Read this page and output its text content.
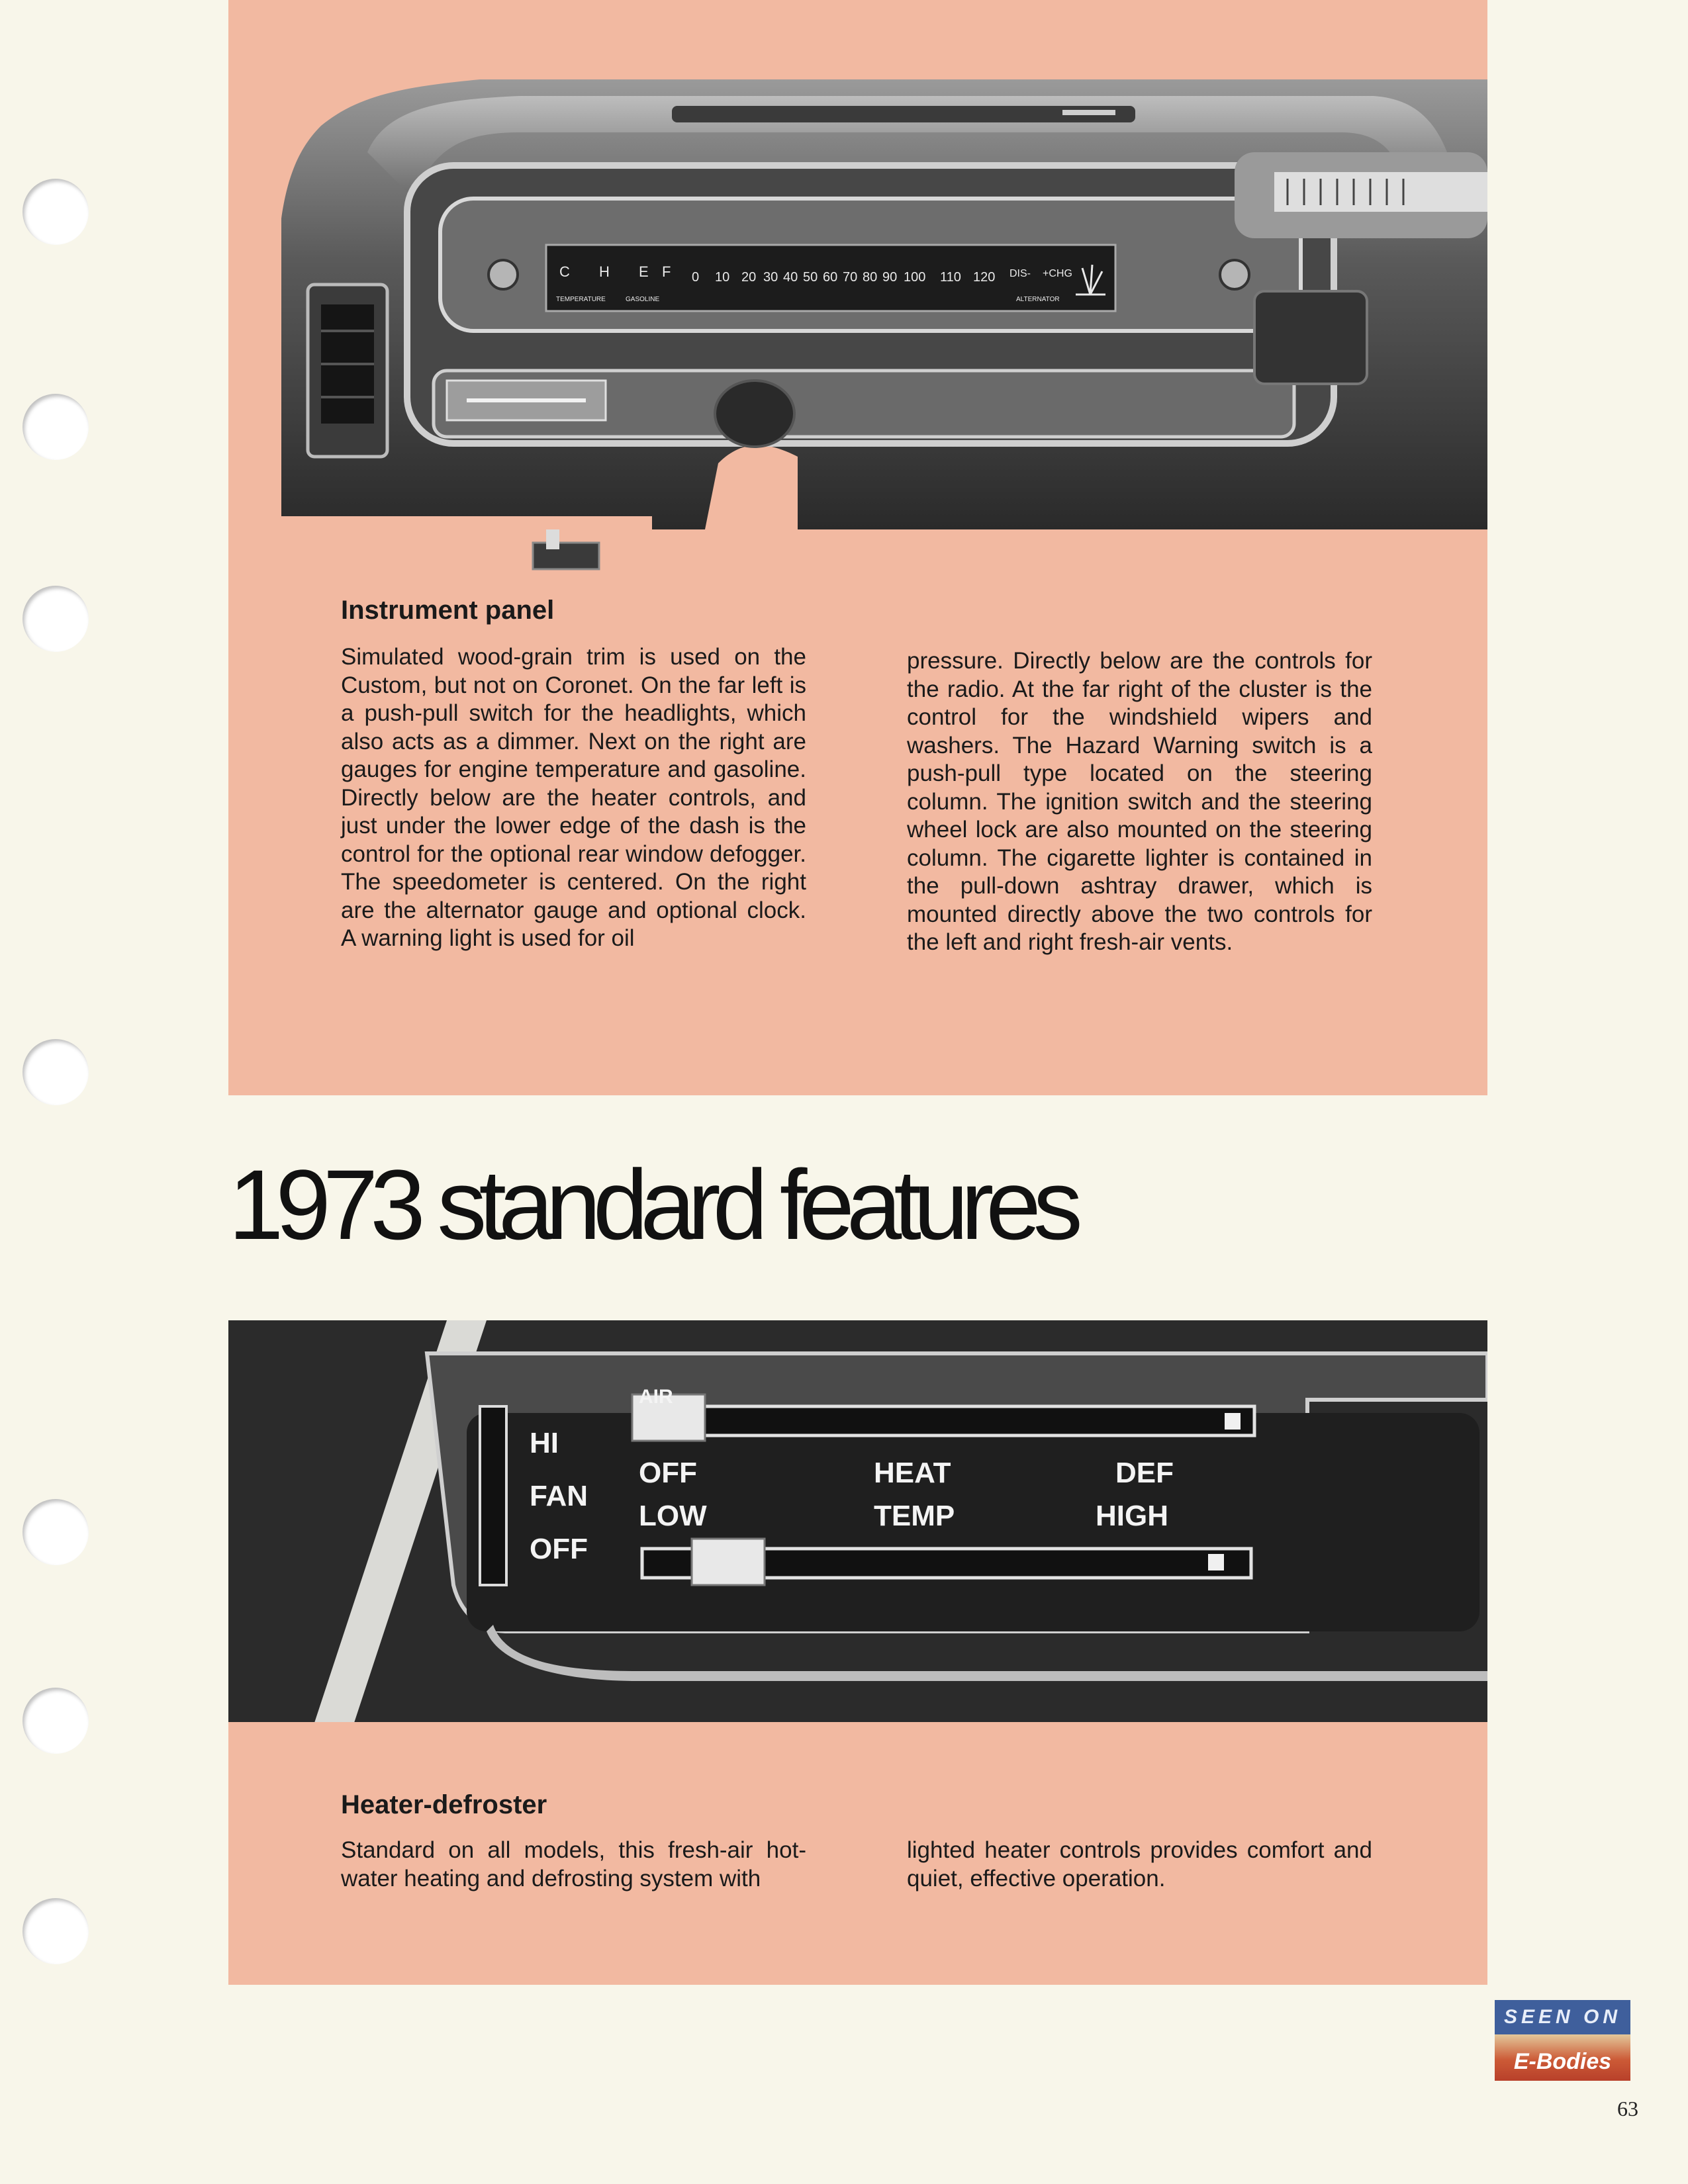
C H E F
TEMPERATURE	GASOLINE
0 10 20 30 40 50 60 70 80 90 100 110 120 DIS- +CHG
ALTERNATOR
Instrument panel

Simulated wood-grain trim is used on the Custom, but not on Coronet. On the far left is a push-pull switch for the headlights, which also acts as a dimmer. Next on the right are gauges for engine temperature and gasoline. Directly below are the heater controls, and just under the lower edge of the dash is the control for the optional rear window defogger. The speedometer is centered. On the right are the alternator gauge and optional clock. A warning light is used for oil

pressure. Directly below are the controls for the radio. At the far right of the cluster is the control for the windshield wipers and washers. The Hazard Warning switch is a push-pull type located on the steering column. The ignition switch and the steering wheel lock are also mounted on the steering column. The cigarette lighter is contained in the pull-down ashtray drawer, which is mounted directly above the two controls for the left and right fresh-air vents.

1973 standard features
HI
FAN
OFF
AIR
OFF
LOW
HEAT
TEMP
DEF
HIGH
Heater-defroster

Standard on all models, this fresh-air hot-water heating and defrosting system with

lighted heater controls provides comfort and quiet, effective operation.

SEEN ON
E-Bodies
63
